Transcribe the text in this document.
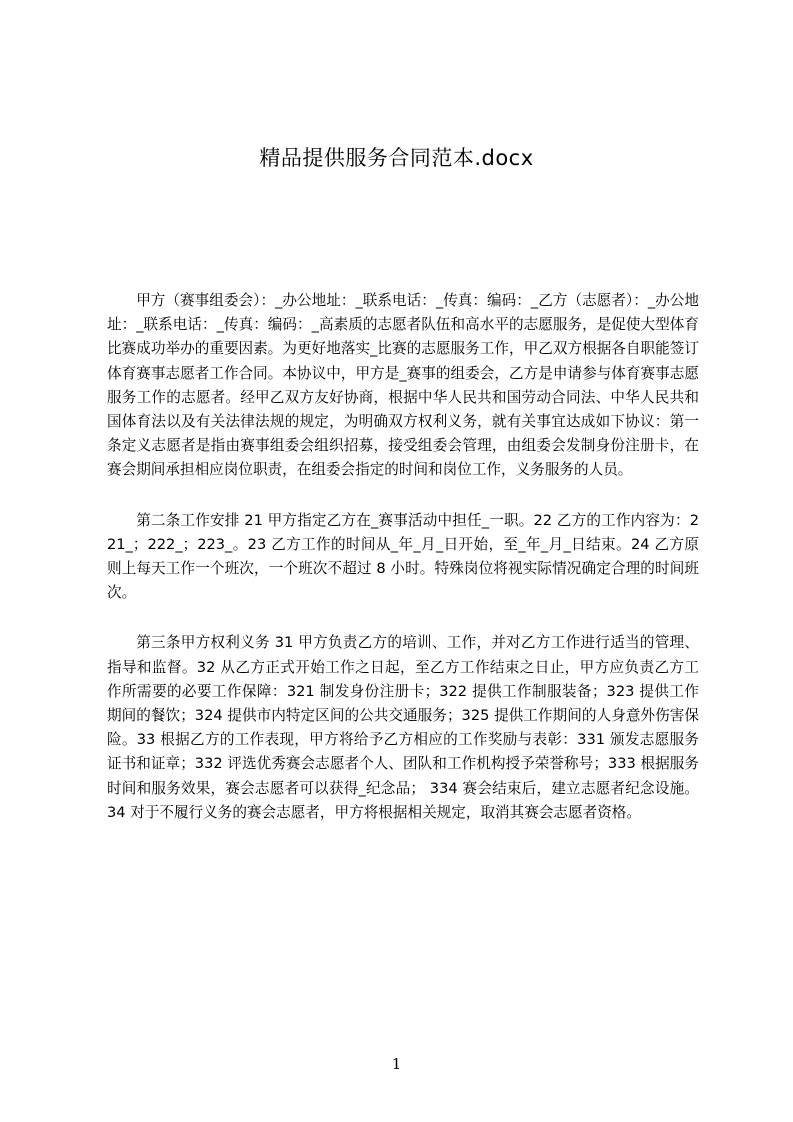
精品提供服务合同范本.docx

甲方（赛事组委会）：_办公地址：_联系电话：_传真：编码：_乙方（志愿者）：_办公地址：_联系电话：_传真：编码：_高素质的志愿者队伍和高水平的志愿服务，是促使大型体育比赛成功举办的重要因素。为更好地落实_比赛的志愿服务工作，甲乙双方根据各自职能签订体育赛事志愿者工作合同。本协议中，甲方是_赛事的组委会，乙方是申请参与体育赛事志愿服务工作的志愿者。经甲乙双方友好协商，根据中华人民共和国劳动合同法、中华人民共和国体育法以及有关法律法规的规定，为明确双方权利义务，就有关事宜达成如下协议：第一条定义志愿者是指由赛事组委会组织招募，接受组委会管理，由组委会发制身份注册卡，在赛会期间承担相应岗位职责，在组委会指定的时间和岗位工作，义务服务的人员。

第二条工作安排 21 甲方指定乙方在_赛事活动中担任_一职。22 乙方的工作内容为：221_；222_；223_。23 乙方工作的时间从_年_月_日开始，至_年_月_日结束。24 乙方原则上每天工作一个班次，一个班次不超过 8 小时。特殊岗位将视实际情况确定合理的时间班次。

第三条甲方权利义务 31 甲方负责乙方的培训、工作，并对乙方工作进行适当的管理、指导和监督。32 从乙方正式开始工作之日起，至乙方工作结束之日止，甲方应负责乙方工作所需要的必要工作保障：321 制发身份注册卡；322 提供工作制服装备；323 提供工作期间的餐饮；324 提供市内特定区间的公共交通服务；325 提供工作期间的人身意外伤害保险。33 根据乙方的工作表现，甲方将给予乙方相应的工作奖励与表彰：331 颁发志愿服务证书和证章；332 评选优秀赛会志愿者个人、团队和工作机构授予荣誉称号；333 根据服务时间和服务效果，赛会志愿者可以获得_纪念品； 334 赛会结束后，建立志愿者纪念设施。34 对于不履行义务的赛会志愿者，甲方将根据相关规定，取消其赛会志愿者资格。

1
